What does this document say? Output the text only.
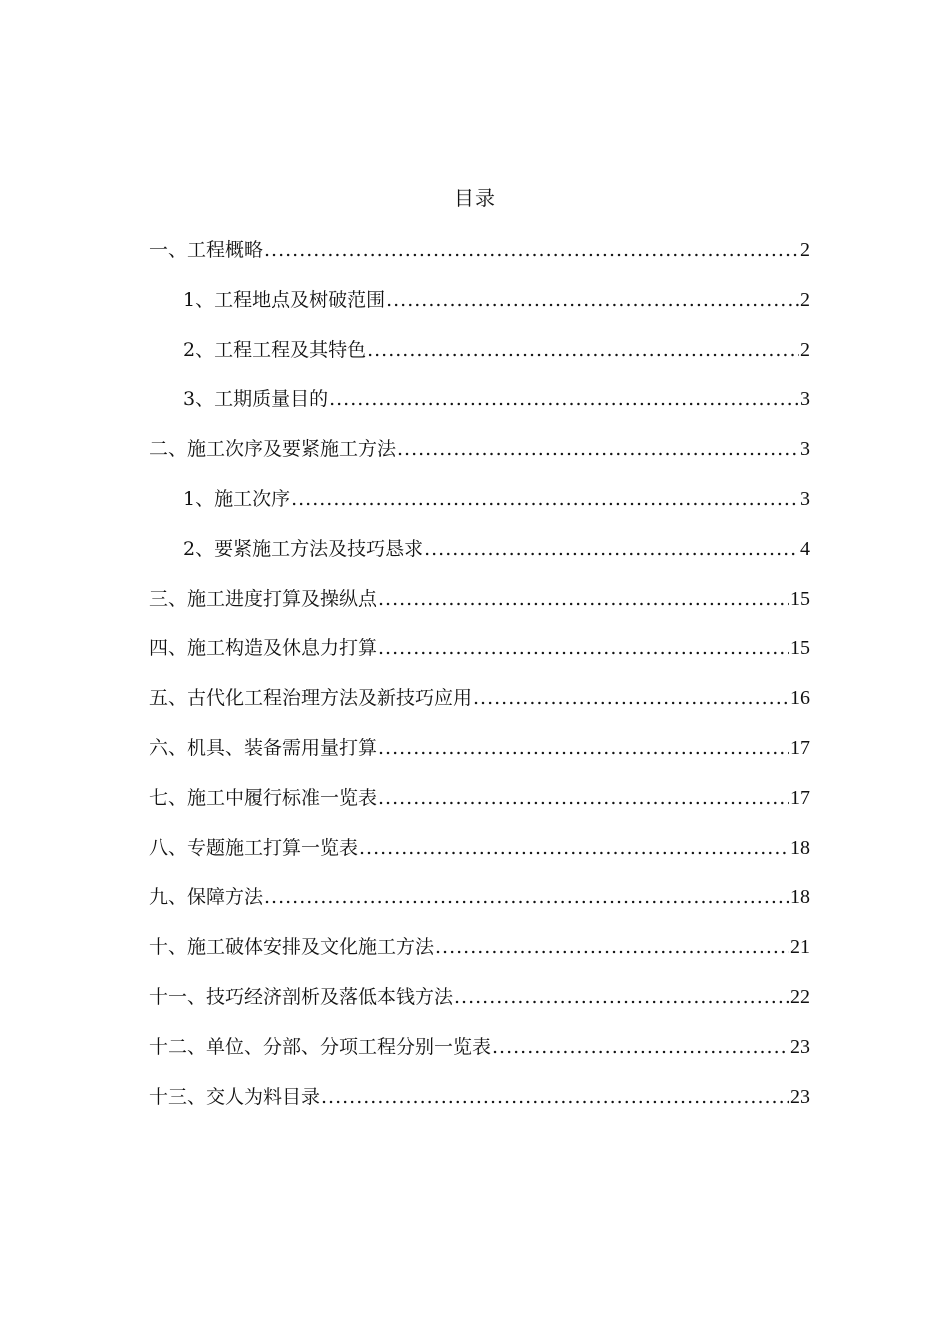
目录
一、工程概略 .....	2
1、工程地点及树破范围 .....	2
2、工程工程及其特色 .....	2
3、工期质量目的 .....	3
二、施工次序及要紧施工方法 .....	3
1、施工次序 .....	3
2、要紧施工方法及技巧恳求 .....	4
三、施工进度打算及操纵点 .....	15
四、施工构造及休息力打算 .....	15
五、古代化工程治理方法及新技巧应用 .....	16
六、机具、装备需用量打算 .....	17
七、施工中履行标准一览表 .....	17
八、专题施工打算一览表 .....	18
九、保障方法 .....	18
十、施工破体安排及文化施工方法 .....	21
十一、技巧经济剖析及落低本钱方法 .....	22
十二、单位、分部、分项工程分别一览表 .....	23
十三、交人为料目录 .....	23
